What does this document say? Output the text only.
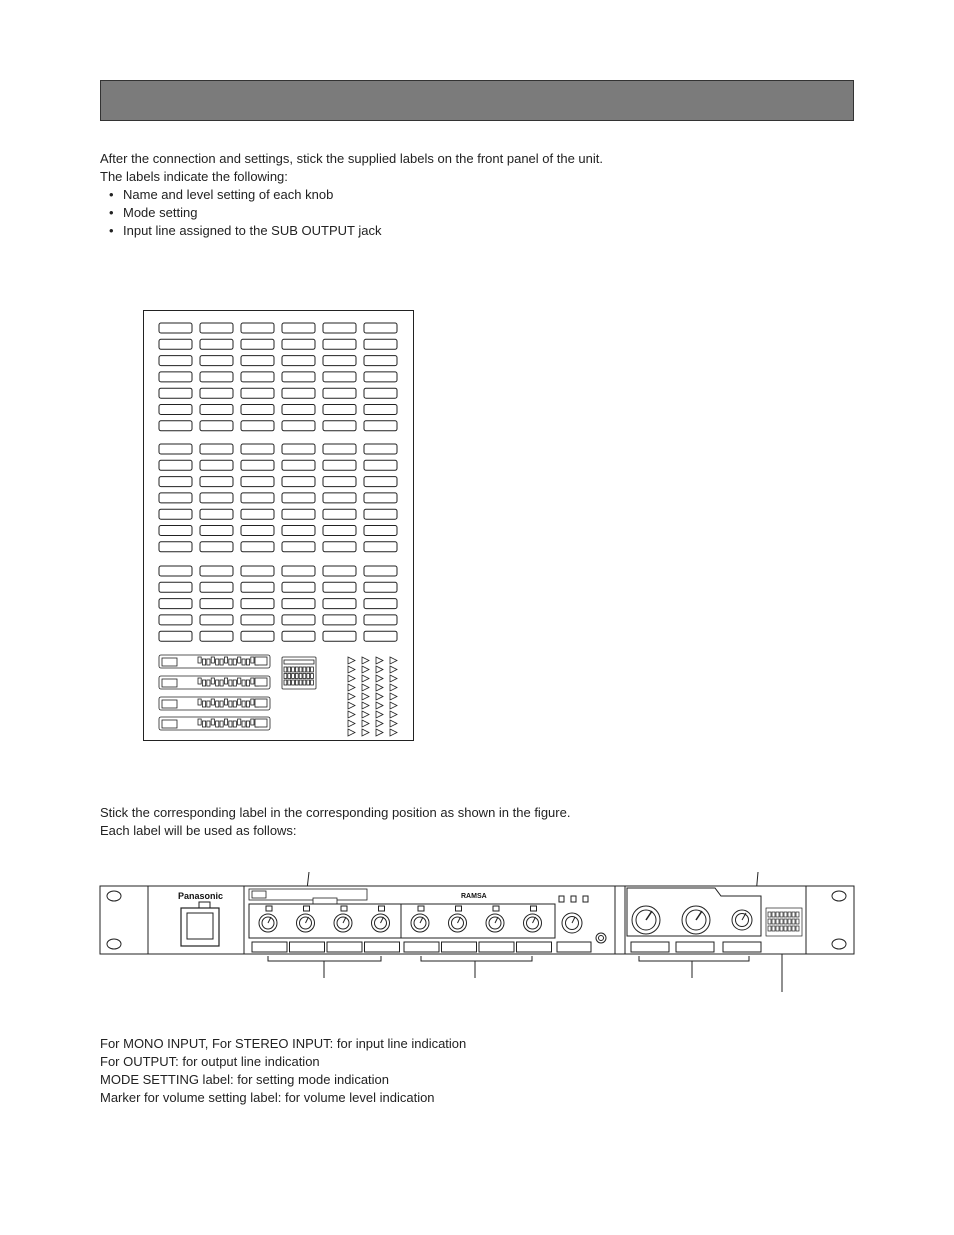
After the connection and settings, stick the supplied labels on the front panel of the unit.

The labels indicate the following:

• Name and level setting of each knob
• Mode setting
• Input line assigned to the SUB OUTPUT jack

Stick the corresponding label in the corresponding position as shown in the figure.

Each label will be used as follows:

Panasonic	RAMSA

For MONO INPUT, For STEREO INPUT: for input line indication

For OUTPUT: for output line indication

MODE SETTING label: for setting mode indication

Marker for volume setting label: for volume level indication
